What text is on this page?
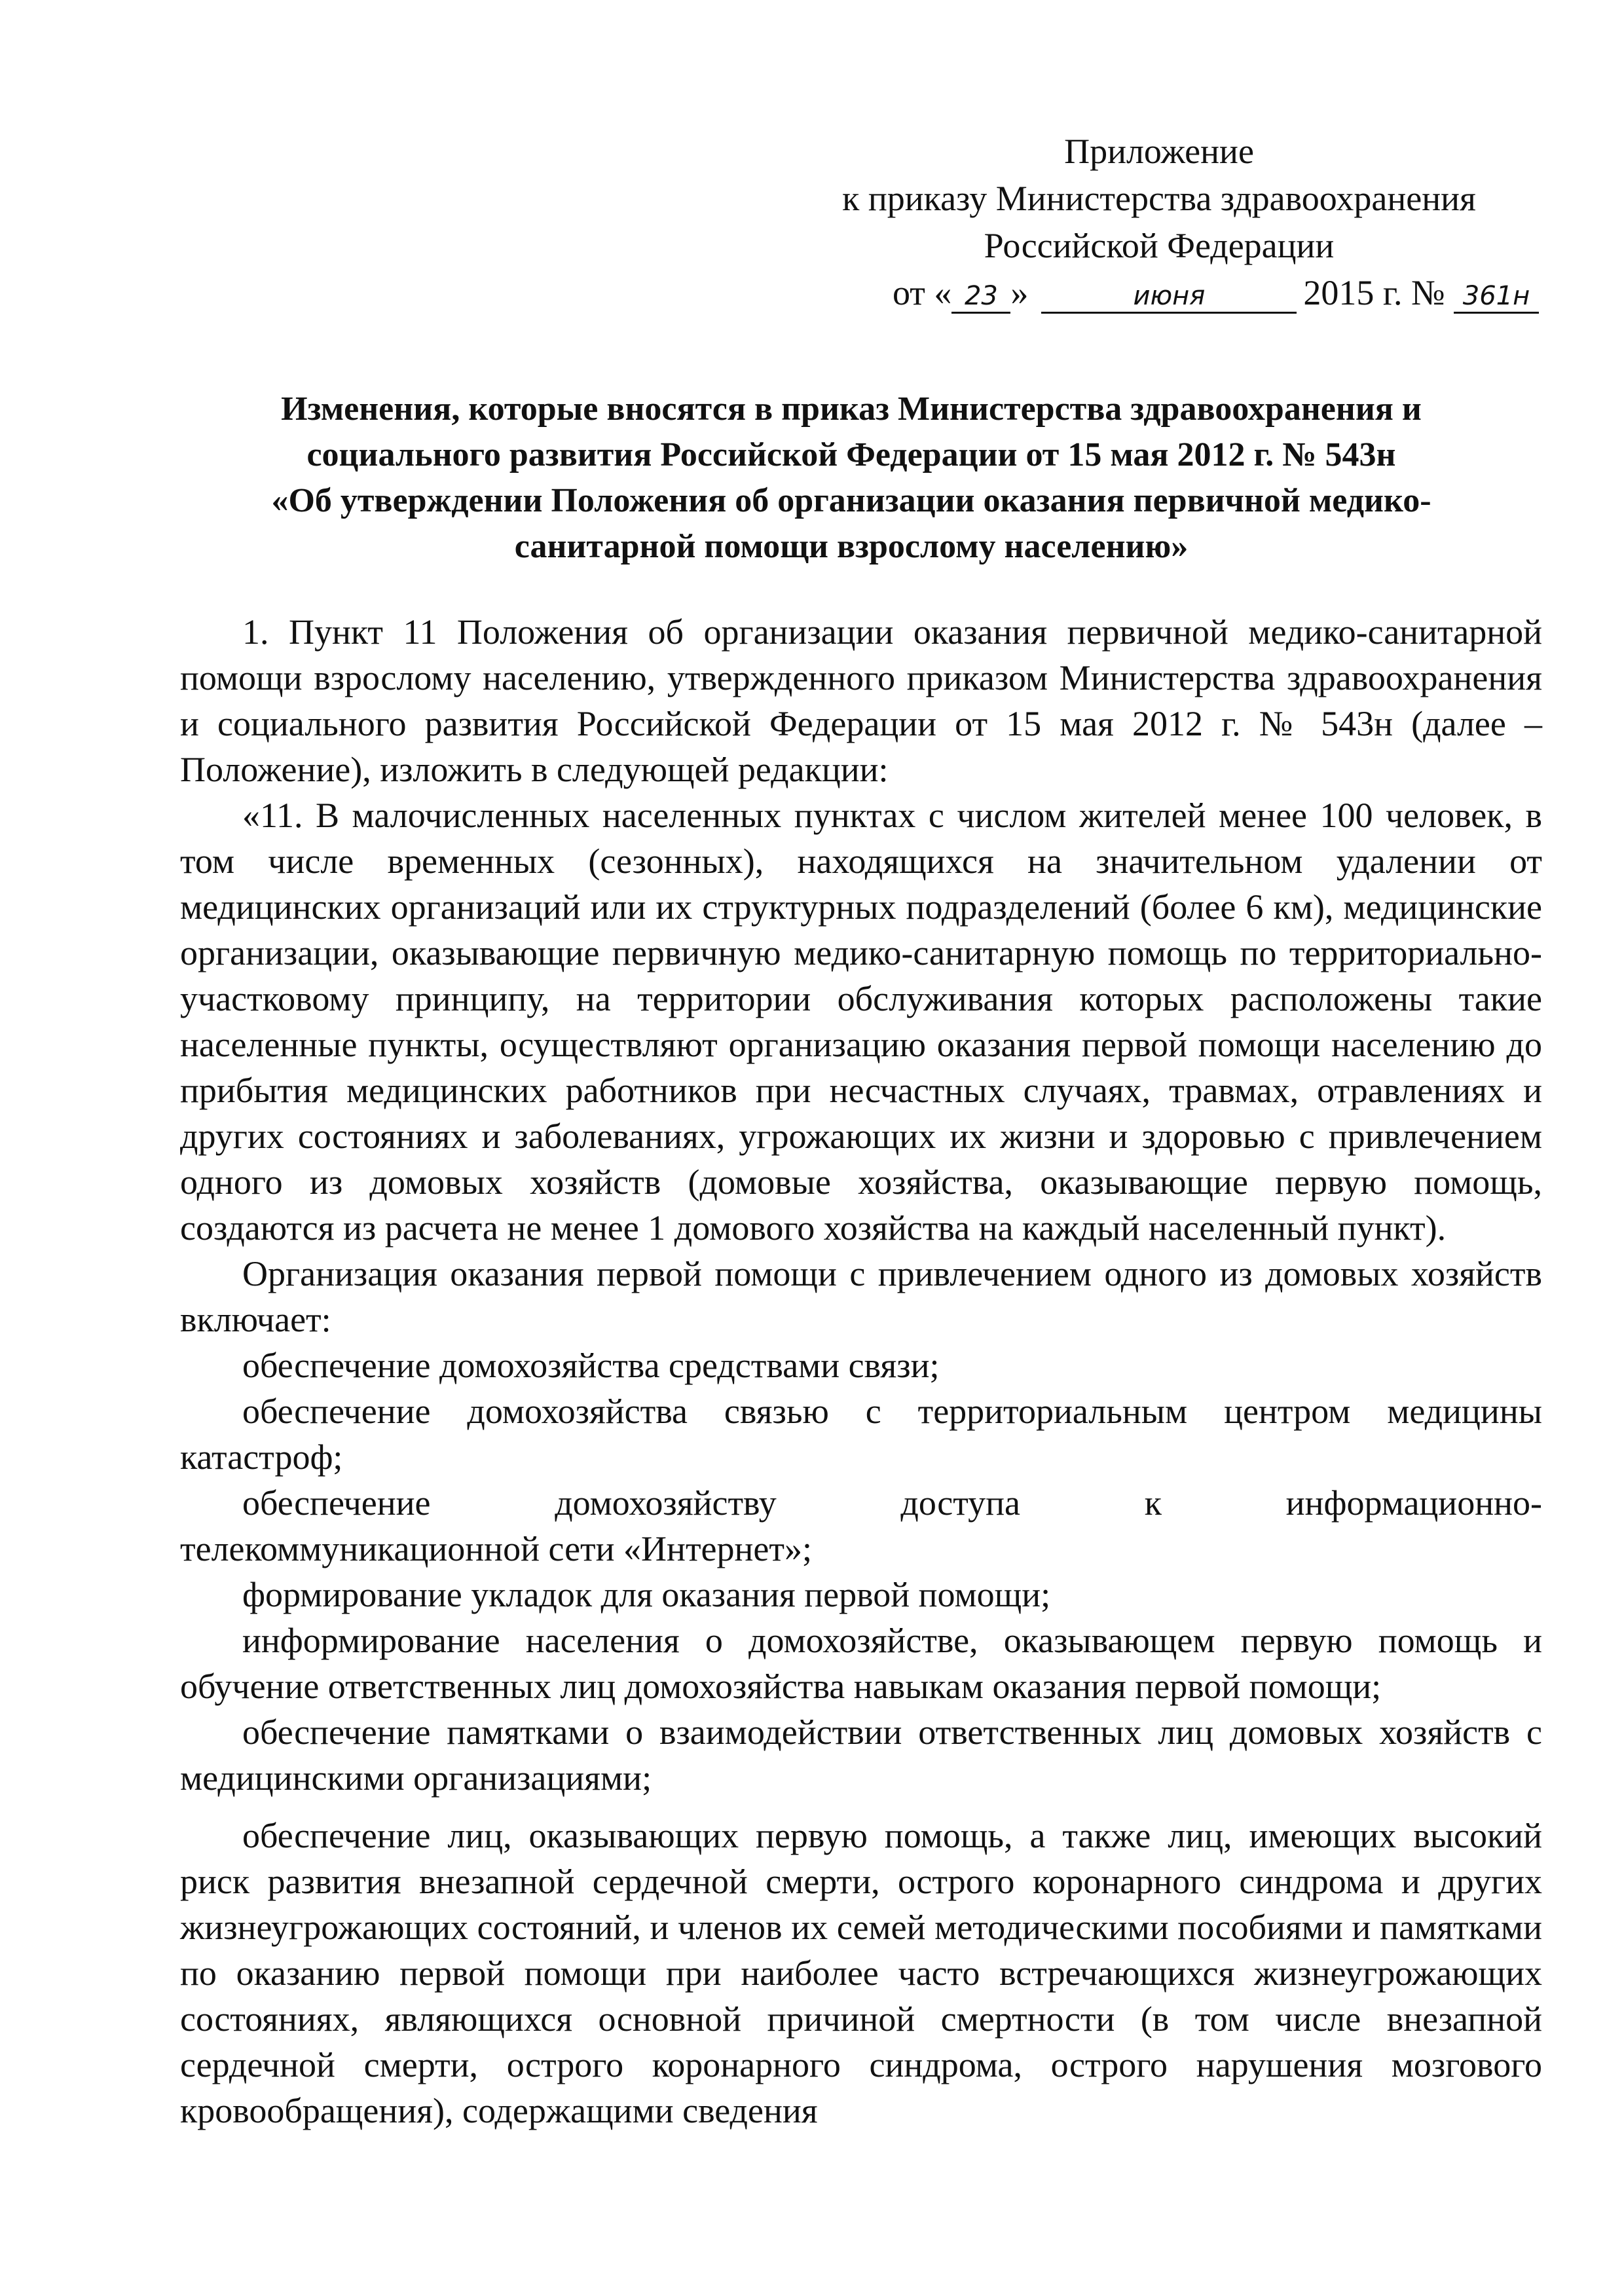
Приложение
к приказу Министерства здравоохранения
Российской Федерации
от « 23 »	июня	2015 г. № 361н
Изменения, которые вносятся в приказ Министерства здравоохранения и
социального развития Российской Федерации от 15 мая 2012 г. № 543н
«Об утверждении Положения об организации оказания первичной медико-
санитарной помощи взрослому населению»

1. Пункт 11 Положения об организации оказания первичной медико-санитарной помощи взрослому населению, утвержденного приказом Министерства здравоохранения и социального развития Российской Федерации от 15 мая 2012 г. № 543н (далее – Положение), изложить в следующей редакции:

«11. В малочисленных населенных пунктах с числом жителей менее 100 человек, в том числе временных (сезонных), находящихся на значительном удалении от медицинских организаций или их структурных подразделений (более 6 км), медицинские организации, оказывающие первичную медико-санитарную помощь по территориально-участковому принципу, на территории обслуживания которых расположены такие населенные пункты, осуществляют организацию оказания первой помощи населению до прибытия медицинских работников при несчастных случаях, травмах, отравлениях и других состояниях и заболеваниях, угрожающих их жизни и здоровью с привлечением одного из домовых хозяйств (домовые хозяйства, оказывающие первую помощь, создаются из расчета не менее 1 домового хозяйства на каждый населенный пункт).

Организация оказания первой помощи с привлечением одного из домовых хозяйств включает:

обеспечение домохозяйства средствами связи;

обеспечение домохозяйства связью с территориальным центром медицины катастроф;

обеспечение домохозяйству доступа к информационно-

телекоммуникационной сети «Интернет»;

формирование укладок для оказания первой помощи;

информирование населения о домохозяйстве, оказывающем первую помощь и обучение ответственных лиц домохозяйства навыкам оказания первой помощи;

обеспечение памятками о взаимодействии ответственных лиц домовых хозяйств с медицинскими организациями;

обеспечение лиц, оказывающих первую помощь, а также лиц, имеющих высокий риск развития внезапной сердечной смерти, острого коронарного синдрома и других жизнеугрожающих состояний, и членов их семей методическими пособиями и памятками по оказанию первой помощи при наиболее часто встречающихся жизнеугрожающих состояниях, являющихся основной причиной смертности (в том числе внезапной сердечной смерти, острого коронарного синдрома, острого нарушения мозгового кровообращения), содержащими сведения
